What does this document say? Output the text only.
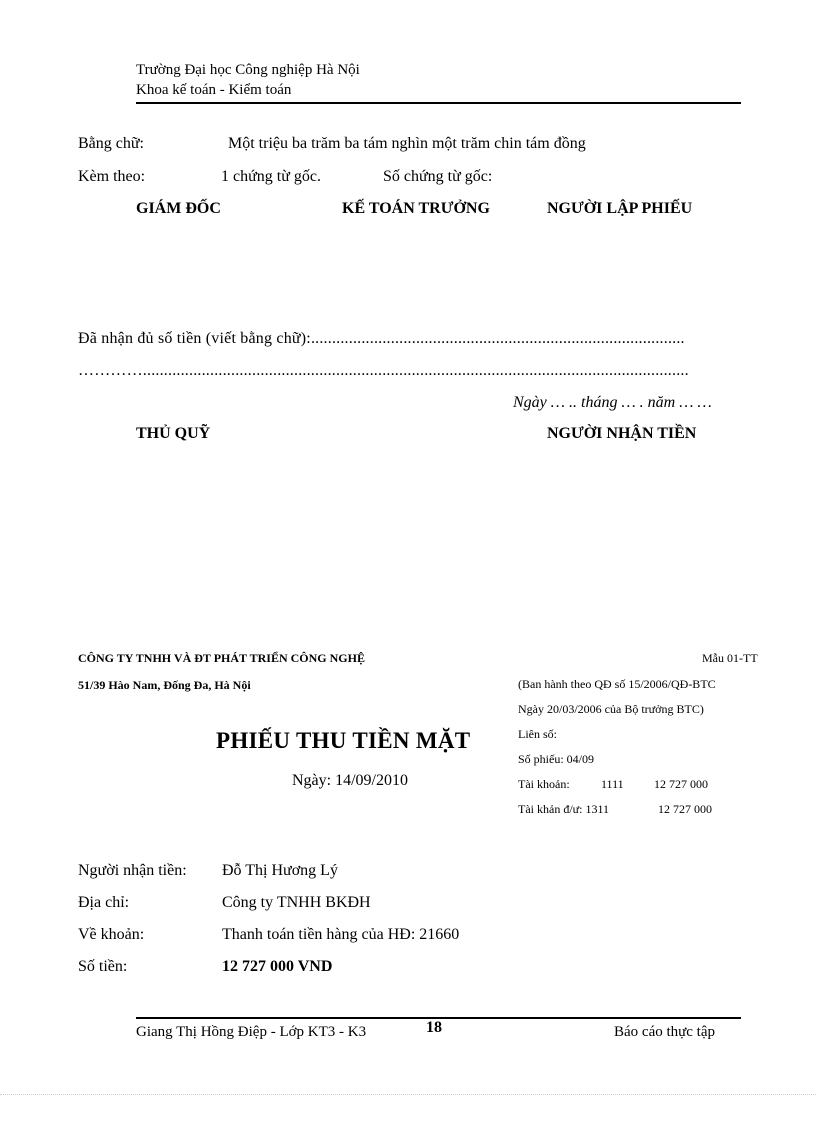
Trường Đại học Công nghiệp Hà Nội
Khoa kế toán - Kiểm toán
Bằng chữ:	Một triệu ba trăm ba tám nghìn một trăm chin tám đồng
Kèm theo:	1 chứng từ gốc.	Số chứng từ gốc:
GIÁM ĐỐC	KẾ TOÁN TRƯỞNG	NGƯỜI LẬP PHIẾU
Đã nhận đủ số tiền (viết bằng chữ):.........................................................................................
…………..................................................................................................................................
Ngày … .. tháng … . năm … …
THỦ QUỸ	NGƯỜI NHẬN TIỀN
CÔNG TY TNHH VÀ ĐT PHÁT TRIỂN CÔNG NGHỆ
51/39 Hào Nam, Đống Đa, Hà Nội
Mẫu 01-TT
(Ban hành theo QĐ số 15/2006/QĐ-BTC
Ngày 20/03/2006 của Bộ trưởng BTC)
Liên số:
Số phiếu: 04/09
Tài khoản:	1111	12 727 000
Tài khản đ/ư: 1311	12 727 000
PHIẾU THU TIỀN MẶT
Ngày: 14/09/2010
Người nhận tiền: Đỗ Thị Hương Lý
Địa chỉ:	Công ty TNHH BKĐH
Về khoản:	Thanh toán tiền hàng của HĐ: 21660
Số tiền:	12 727 000 VND
Giang Thị Hồng Điệp - Lớp KT3 - K3	18	Báo cáo thực tập
